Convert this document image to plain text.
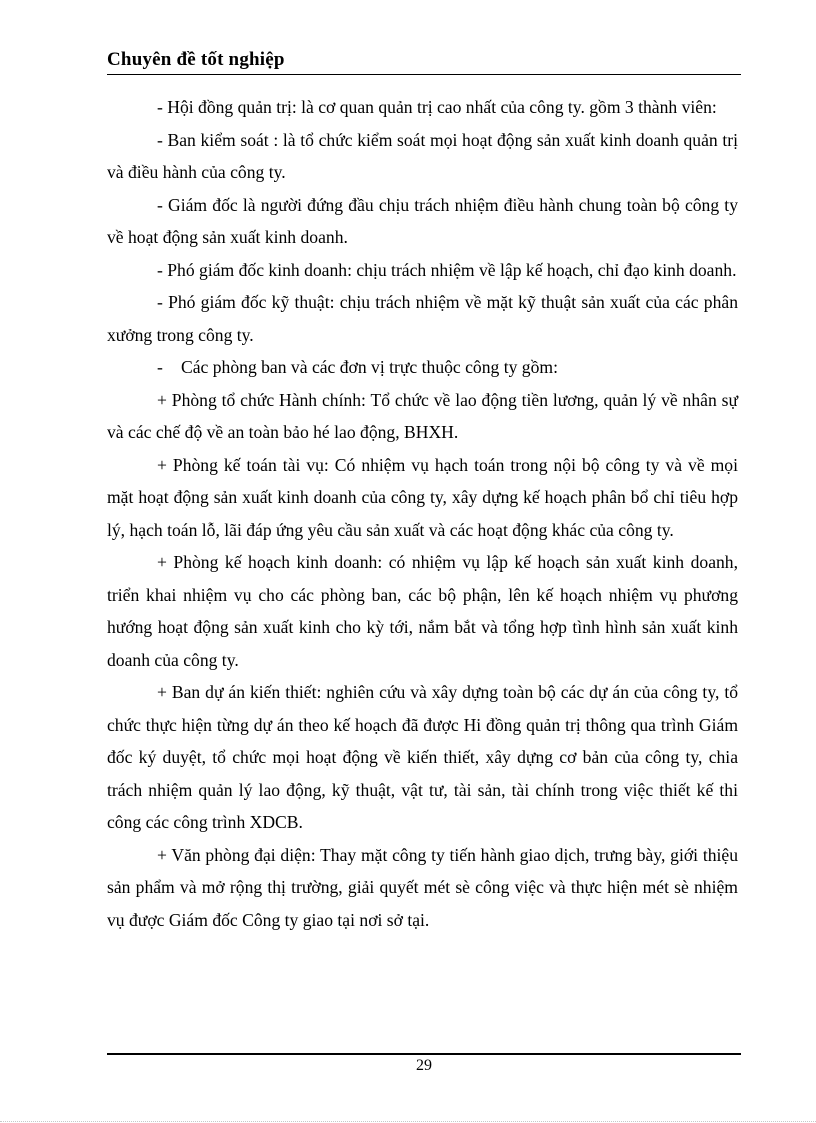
Chuyên đề tốt nghiệp

- Hội đồng quản trị: là cơ quan quản trị cao nhất của công ty. gồm 3 thành viên:

- Ban kiểm soát : là tổ chức kiểm soát mọi hoạt động sản xuất kinh doanh quản trị và điều hành của công ty.

- Giám đốc là người đứng đầu chịu trách nhiệm điều hành chung toàn bộ công ty về hoạt động sản xuất kinh doanh.

- Phó giám đốc kinh doanh: chịu trách nhiệm về lập kế hoạch, chỉ đạo kinh doanh.

- Phó giám đốc kỹ thuật: chịu trách nhiệm về mặt kỹ thuật sản xuất của các phân xưởng trong công ty.

- Các phòng ban và các đơn vị trực thuộc công ty gồm:

+ Phòng tổ chức Hành chính: Tổ chức về lao động tiền lương, quản lý về nhân sự và các chế độ về an toàn bảo hé lao động, BHXH.

+ Phòng kế toán tài vụ: Có nhiệm vụ hạch toán trong nội bộ công ty và về mọi mặt hoạt động sản xuất kinh doanh của công ty, xây dựng kế hoạch phân bổ chỉ tiêu hợp lý, hạch toán lỗ, lãi đáp ứng yêu cầu sản xuất và các hoạt động khác của công ty.

+ Phòng kế hoạch kinh doanh: có nhiệm vụ lập kế hoạch sản xuất kinh doanh, triển khai nhiệm vụ cho các phòng ban, các bộ phận, lên kế hoạch nhiệm vụ phương hướng hoạt động sản xuất kinh cho kỳ tới, nắm bắt và tổng hợp tình hình sản xuất kinh doanh của công ty.

+ Ban dự án kiến thiết: nghiên cứu và xây dựng toàn bộ các dự án của công ty, tổ chức thực hiện từng dự án theo kế hoạch đã được Hi đồng quản trị thông qua trình Giám đốc ký duyệt, tổ chức mọi hoạt động về kiến thiết, xây dựng cơ bản của công ty, chia trách nhiệm quản lý lao động, kỹ thuật, vật tư, tài sản, tài chính trong việc thiết kế thi công các công trình XDCB.

+ Văn phòng đại diện: Thay mặt công ty tiến hành giao dịch, trưng bày, giới thiệu sản phẩm và mở rộng thị trường, giải quyết mét sè công việc và thực hiện mét sè nhiệm vụ được Giám đốc Công ty giao tại nơi sở tại.

29
